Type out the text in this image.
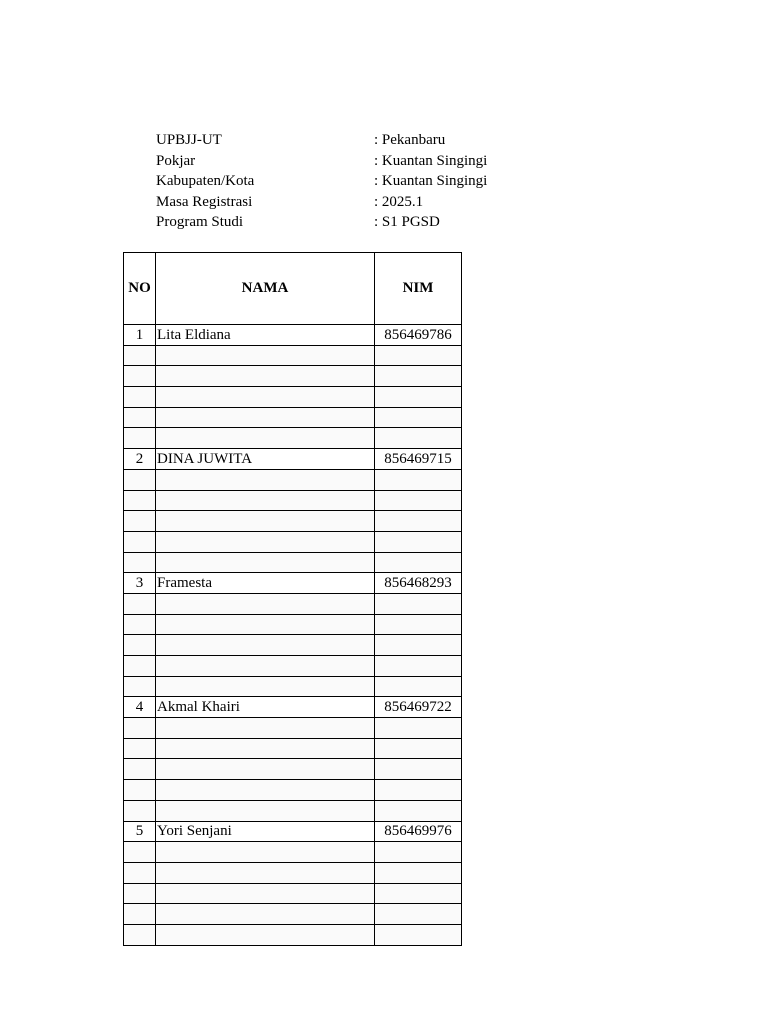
UPBJJ-UT	: Pekanbaru
Pokjar	: Kuantan Singingi
Kabupaten/Kota	: Kuantan Singingi
Masa Registrasi	: 2025.1
Program Studi	: S1 PGSD
NO	NAMA	NIM
1	Lita Eldiana	856469786

2	DINA JUWITA	856469715

3	Framesta	856468293

4	Akmal Khairi	856469722

5	Yori Senjani	856469976
